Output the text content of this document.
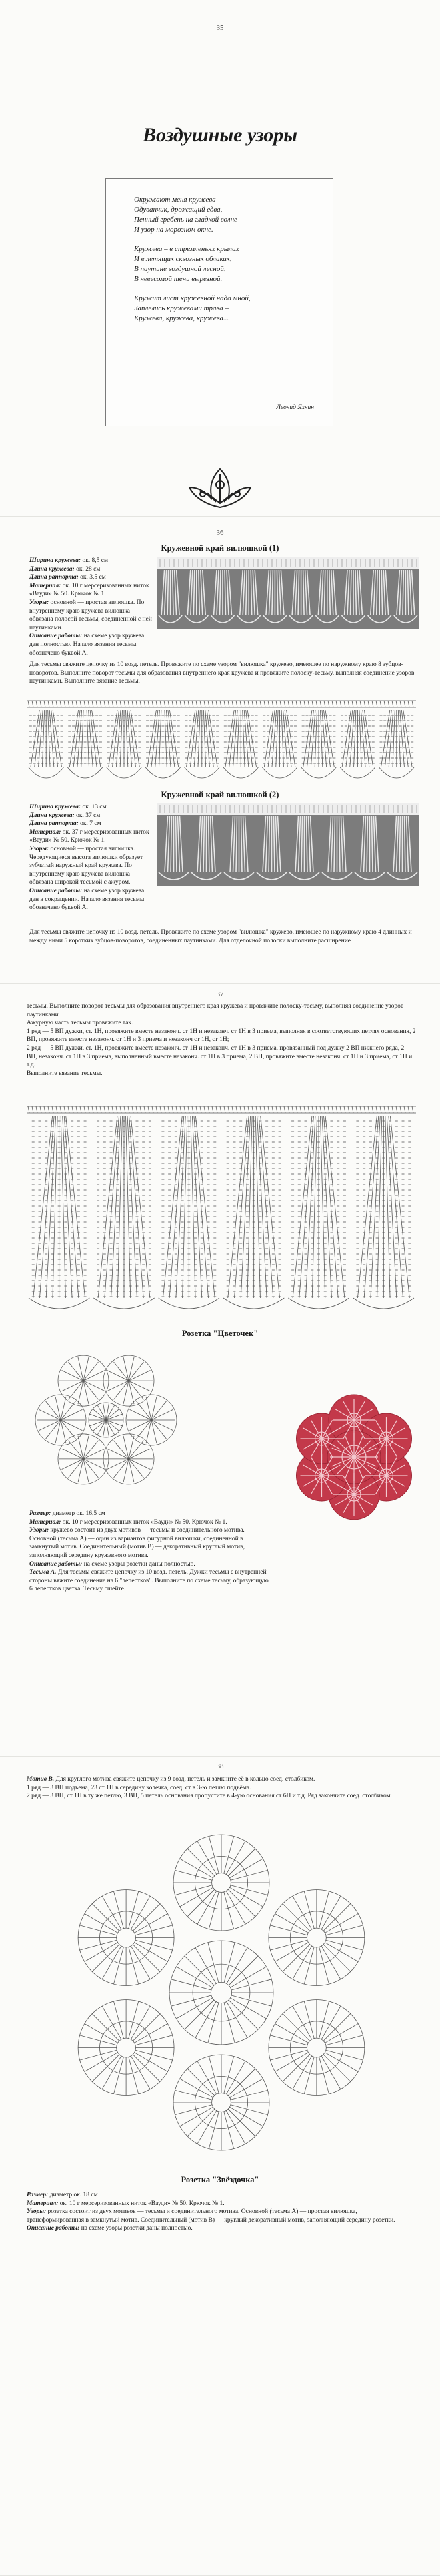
35
Воздушные узоры
Окружают меня кружева –
Одуванчик, дрожащий едва,
Пенный гребень на гладкой волне
И узор на морозном окне.
Кружева – в стремленьях крылах
И в летящих сквозных облаках,
В паутине воздушной лесной,
В невесомой тени вырезной.
Кружит лист кружевной надо мной,
Заплелись кружевами трава –
Кружева, кружева, кружева...
Леонид Яхнин
36
Кружевной край вилюшкой (1)

Ширина кружева: ок. 8,5 см

Длина кружева: ок. 28 см

Длина раппорта: ок. 3,5 см

Материал: ок. 10 г мерсеризованных ниток «Вауди» № 50. Крючок № 1.

Узоры: основной — простая вилюшка. По внутреннему краю кружева вилюшка обвязана полосой тесьмы, соединенной с ней паутинками.

Описание работы: на схеме узор кружева дан полностью. Начало вязания тесьмы обозначено буквой А.

Для тесьмы свяжите цепочку из 10 возд. петель. Провяжите по схеме узором "вилюшка" кружево, имеющее по наружному краю 8 зубцов-поворотов. Выполните поворот тесьмы для образования внутреннего края кружева и провяжите полоску-тесьму, выполняя соединение узоров паутинками. Выполните вязание тесьмы.
Кружевной край вилюшкой (2)

Ширина кружева: ок. 13 см

Длина кружева: ок. 37 см

Длина раппорта: ок. 7 см

Материал: ок. 37 г мерсеризованных ниток «Вауди» № 50. Крючок № 1.

Узоры: основной — простая вилюшка. Чередующиеся высота вилюшки образует зубчатый наружный край кружева. По внутреннему краю кружева вилюшка обвязана широкой тесьмой с ажуром.

Описание работы: на схеме узор кружева дан в сокращении. Начало вязания тесьмы обозначено буквой А.

Для тесьмы свяжите цепочку из 10 возд. петель. Провяжите по схеме узором "вилюшка" кружево, имеющее по наружному краю 4 длинных и между ними 5 коротких зубцов-поворотов, соединенных паутинками. Для отделочной полоски выполните расширение
37

тесьмы. Выполните поворот тесьмы для образования внутреннего края кружева и провяжите полоску-тесьму, выполняя соединение узоров паутинками.

Ажурную часть тесьмы провяжите так.

1 ряд — 5 ВП дужки, ст. 1Н, провяжите вместе незаконч. ст 1Н и незаконч. ст 1Н в 3 приема, выполняя в соответствующих петлях основания, 2 ВП, провяжите вместе незаконч. ст 1Н и 3 приема и незаконч ст 1Н, ст 1Н;

2 ряд — 5 ВП дужки, ст. 1Н, провяжите вместе незаконч. ст 1Н и незаконч. ст 1Н в 3 приема, провязанный под дужку 2 ВП нижнего ряда, 2 ВП, незаконч. ст 1Н в 3 приема, выполненный вместе незаконч. ст 1Н в 3 приема, 2 ВП, провяжите вместе незаконч. ст 1Н и 3 приема, ст 1Н и т.д.

Выполните вязание тесьмы.

Розетка "Цветочек"

Размер: диаметр ок. 16,5 см

Материал: ок. 10 г мерсеризованных ниток «Вауди» № 50. Крючок № 1.

Узоры: кружево состоит из двух мотивов — тесьмы и соединительного мотива. Основной (тесьма А) — один из вариантов фигурной вилюшки, соединенной в замкнутый мотив. Соединительный (мотив В) — декоративный круглый мотив, заполняющий середину кружевного мотива.

Описание работы: на схеме узоры розетки даны полностью.

Тесьма А. Для тесьмы свяжите цепочку из 10 возд. петель. Дужки тесьмы с внутренней стороны вяжите соединение на 6 "лепестков". Выполните по схеме тесьму, образующую 6 лепестков цветка. Тесьму сшейте.

38

Мотив В. Для круглого мотива свяжите цепочку из 9 возд. петель и замкните её в кольцо соед. столбиком.

1 ряд — 3 ВП подъема, 23 ст 1Н в середину колечка, соед. ст в 3-ю петлю подъёма.

2 ряд — 3 ВП, ст 1Н в ту же петлю, 3 ВП, 5 петель основания пропустите в 4-ую основания ст 6Н и т.д. Ряд закончите соед. столбиком.

Розетка "Звёздочка"

Размер: диаметр ок. 18 см

Материал: ок. 10 г мерсеризованных ниток «Вауди» № 50. Крючок № 1.

Узоры: розетка состоит из двух мотивов — тесьмы и соединительного мотива. Основной (тесьма А) — простая вилюшка, трансформированная в замкнутый мотив. Соединительный (мотив В) — круглый декоративный мотив, заполняющий середину розетки.

Описание работы: на схеме узоры розетки даны полностью.
